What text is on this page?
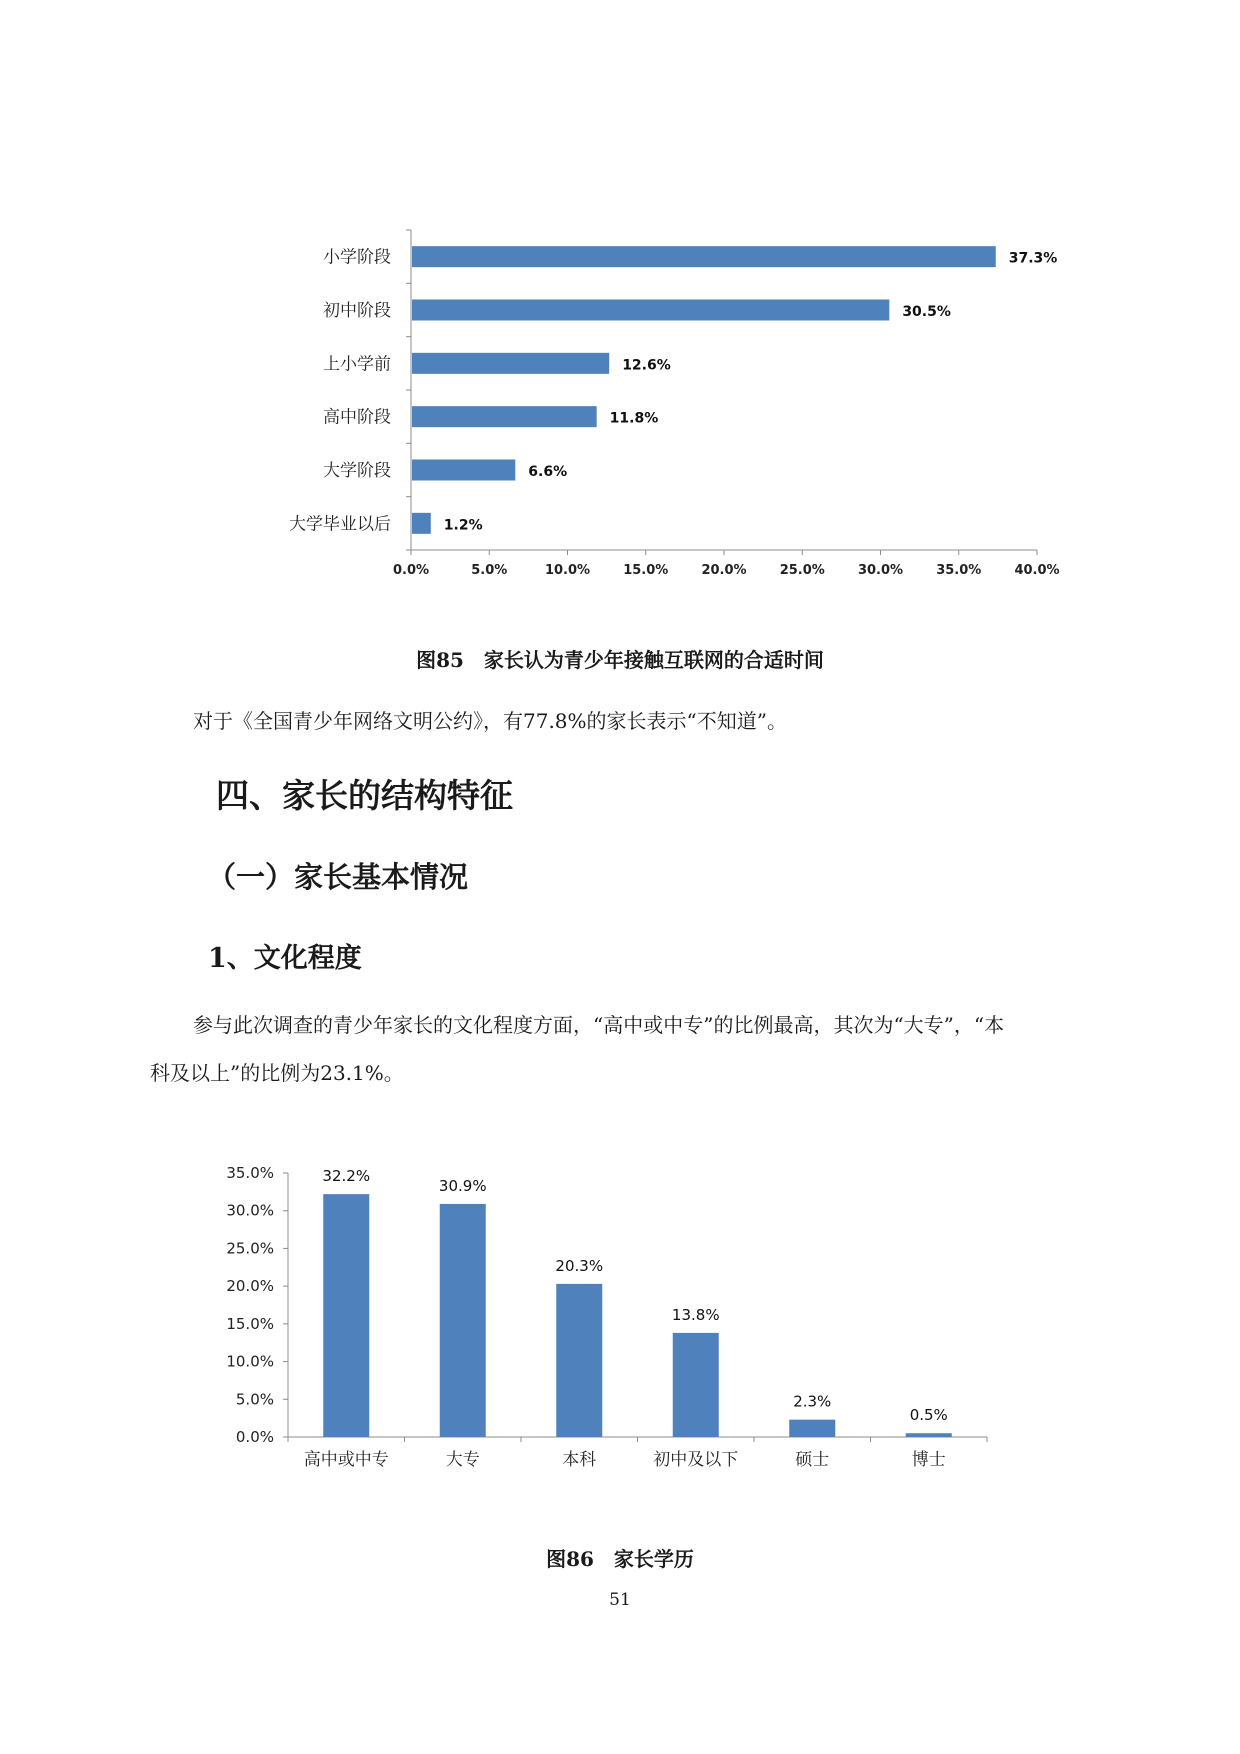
0.0%	5.0%	10.0%	15.0%	20.0%	25.0%	30.0%	35.0%	40.0%
小学阶段	37.3%
初中阶段	30.5%
上小学前	12.6%
高中阶段	11.8%
大学阶段	6.6%
大学毕业以后	1.2%
图85　家长认为青少年接触互联网的合适时间
对于《全国青少年网络文明公约》，有77.8%的家长表示“不知道”。
四、家长的结构特征
（一）家长基本情况
1、文化程度
参与此次调查的青少年家长的文化程度方面，“高中或中专”的比例最高，其次为“大专”，“本
科及以上”的比例为23.1%。
0.0%
5.0%
10.0%
15.0%
20.0%
25.0%
30.0%
35.0%	32.2%
高中或中专
30.9%
大专
20.3%
本科
13.8%
初中及以下
2.3%
硕士
0.5%
博士
图86　家长学历
51
